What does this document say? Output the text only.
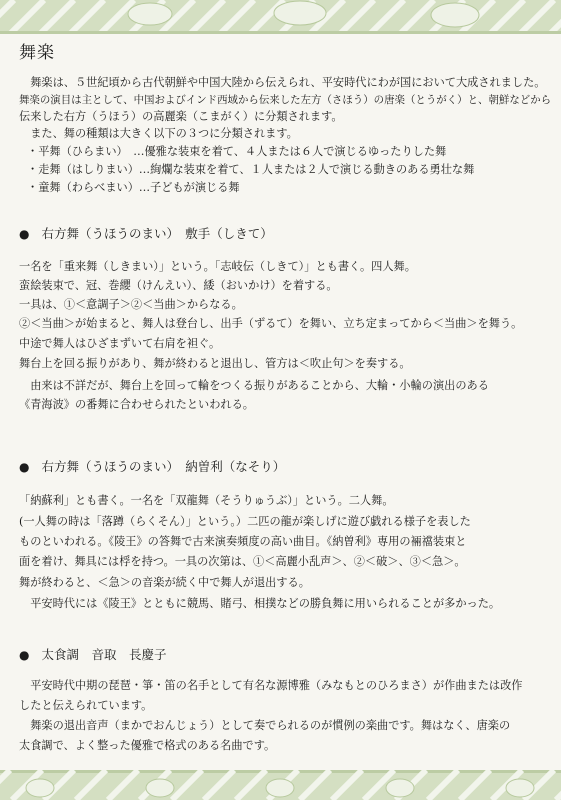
舞楽
　舞楽は、５世紀頃から古代朝鮮や中国大陸から伝えられ、平安時代にわが国において大成されました。
舞楽の演目は主として、中国およびインド西域から伝来した左方（さほう）の唐楽（とうがく）と、朝鮮などから
伝来した右方（うほう）の高麗楽（こまがく）に分類されます。
　また、舞の種類は大きく以下の３つに分類されます。
・平舞（ひらまい）　…優雅な装束を着て、４人または６人で演じるゆったりした舞
・走舞（はしりまい）…絢爛な装束を着て、１人または２人で演じる動きのある勇壮な舞
・童舞（わらべまい）…子どもが演じる舞
● 右方舞（うほうのまい）　敷手（しきて）
一名を「重来舞（しきまい）」という。「志岐伝（しきて）」とも書く。四人舞。
蛮絵装束で、冠、巻纓（けんえい）、緌（おいかけ）を着する。
一具は、①＜意調子＞②＜当曲＞からなる。
②＜当曲＞が始まると、舞人は登台し、出手（ずるて）を舞い、立ち定まってから＜当曲＞を舞う。
中途で舞人はひざまずいて右肩を袒ぐ。
舞台上を回る振りがあり、舞が終わると退出し、管方は＜吹止句＞を奏する。
　由来は不詳だが、舞台上を回って輪をつくる振りがあることから、大輪・小輪の演出のある
《青海波》の番舞に合わせられたといわれる。
● 右方舞（うほうのまい）　納曽利（なそり）
「納蘇利」とも書く。一名を「双龍舞（そうりゅうぶ）」という。二人舞。
(一人舞の時は「落蹲（らくそん）」という。）二匹の龍が楽しげに遊び戯れる様子を表した
ものといわれる。《陵王》の答舞で古来演奏頻度の高い曲目。《納曽利》専用の裲襠装束と
面を着け、舞具には桴を持つ。一具の次第は、①＜高麗小乱声＞、②＜破＞、③＜急＞。
舞が終わると、＜急＞の音楽が続く中で舞人が退出する。
　平安時代には《陵王》とともに競馬、賭弓、相撲などの勝負舞に用いられることが多かった。
● 太食調　音取　長慶子
　平安時代中期の琵琶・箏・笛の名手として有名な源博雅（みなもとのひろまさ）が作曲または改作
したと伝えられています。
　舞楽の退出音声（まかでおんじょう）として奏でられるのが慣例の楽曲です。舞はなく、唐楽の
太食調で、よく整った優雅で格式のある名曲です。
